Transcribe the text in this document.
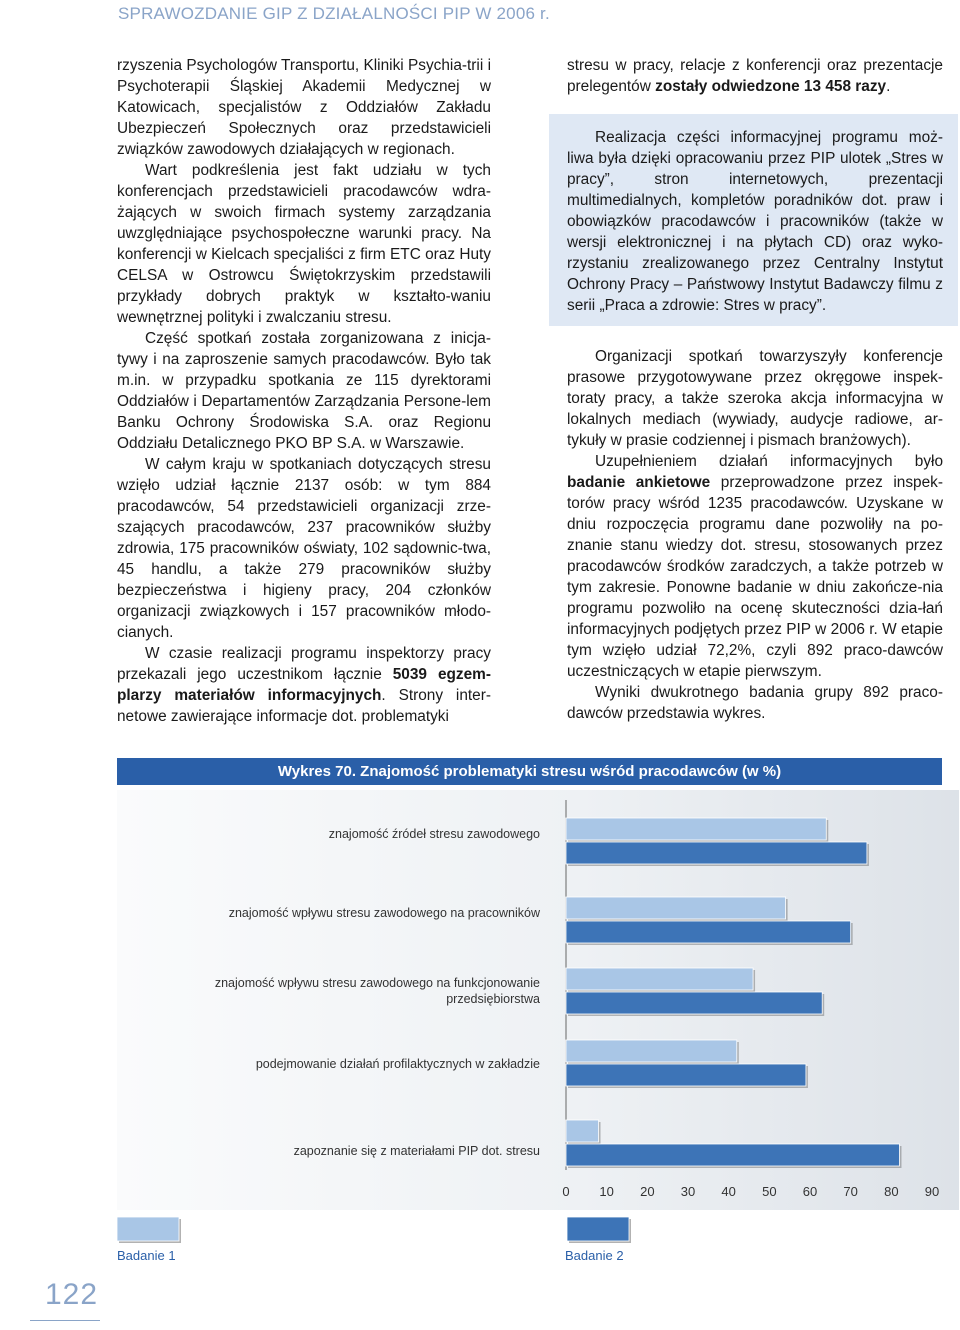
SPRAWOZDANIE GIP Z DZIAŁALNOŚCI PIP W 2006 r.

rzyszenia Psychologów Transportu, Kliniki Psychia-trii i Psychoterapii Śląskiej Akademii Medycznej w Katowicach, specjalistów z Oddziałów Zakładu Ubezpieczeń Społecznych oraz przedstawicieli związków zawodowych działających w regionach.

Wart podkreślenia jest fakt udziału w tych konferencjach przedstawicieli pracodawców wdra-żających w swoich firmach systemy zarządzania uwzględniające psychospołeczne warunki pracy. Na konferencji w Kielcach specjaliści z firm ETC oraz Huty CELSA w Ostrowcu Świętokrzyskim przedstawili przykłady dobrych praktyk w kształto-waniu wewnętrznej polityki i zwalczaniu stresu.

Część spotkań została zorganizowana z inicja-tywy i na zaproszenie samych pracodawców. Było tak m.in. w przypadku spotkania ze 115 dyrektorami Oddziałów i Departamentów Zarządzania Persone-lem Banku Ochrony Środowiska S.A. oraz Regionu Oddziału Detalicznego PKO BP S.A. w Warszawie.

W całym kraju w spotkaniach dotyczących stresu wzięło udział łącznie 2137 osób: w tym 884 pracodawców, 54 przedstawicieli organizacji zrze-szających pracodawców, 237 pracowników służby zdrowia, 175 pracowników oświaty, 102 sądownic-twa, 45 handlu, a także 279 pracowników służby bezpieczeństwa i higieny pracy, 204 członków organizacji związkowych i 157 pracowników młodo-cianych.

W czasie realizacji programu inspektorzy pracy przekazali jego uczestnikom łącznie 5039 egzem-plarzy materiałów informacyjnych. Strony inter-netowe zawierające informacje dot. problematyki

stresu w pracy, relacje z konferencji oraz prezentacje prelegentów zostały odwiedzone 13 458 razy.

Realizacja części informacyjnej programu moż-liwa była dzięki opracowaniu przez PIP ulotek „Stres w pracy”, stron internetowych, prezentacji multimedialnych, kompletów poradników dot. praw i obowiązków pracodawców i pracowników (także w wersji elektronicznej i na płytach CD) oraz wyko-rzystaniu zrealizowanego przez Centralny Instytut Ochrony Pracy – Państwowy Instytut Badawczy filmu z serii „Praca a zdrowie: Stres w pracy”.

Organizacji spotkań towarzyszyły konferencje prasowe przygotowywane przez okręgowe inspek-toraty pracy, a także szeroka akcja informacyjna w lokalnych mediach (wywiady, audycje radiowe, ar-tykuły w prasie codziennej i pismach branżowych).

Uzupełnieniem działań informacyjnych było badanie ankietowe przeprowadzone przez inspek-torów pracy wśród 1235 pracodawców. Uzyskane w dniu rozpoczęcia programu dane pozwoliły na po-znanie stanu wiedzy dot. stresu, stosowanych przez pracodawców środków zaradczych, a także potrzeb w tym zakresie. Ponowne badanie w dniu zakończe-nia programu pozwoliło na ocenę skuteczności dzia-łań informacyjnych podjętych przez PIP w 2006 r. W etapie tym wzięło udział 72,2%, czyli 892 praco-dawców uczestniczących w etapie pierwszym.

Wyniki dwukrotnego badania grupy 892 praco-dawców przedstawia wykres.

Wykres 70. Znajomość problematyki stresu wśród pracodawców (w %)
znajomość źródeł stresu zawodowego
znajomość wpływu stresu zawodowego na pracowników
znajomość wpływu stresu zawodowego na funkcjonowanie
przedsiębiorstwa
podejmowanie działań profilaktycznych w zakładzie
zapoznanie się z materiałami PIP dot. stresu
0 10 20 30 40 50 60 70 80 90
Badanie 1	Badanie 2
122
